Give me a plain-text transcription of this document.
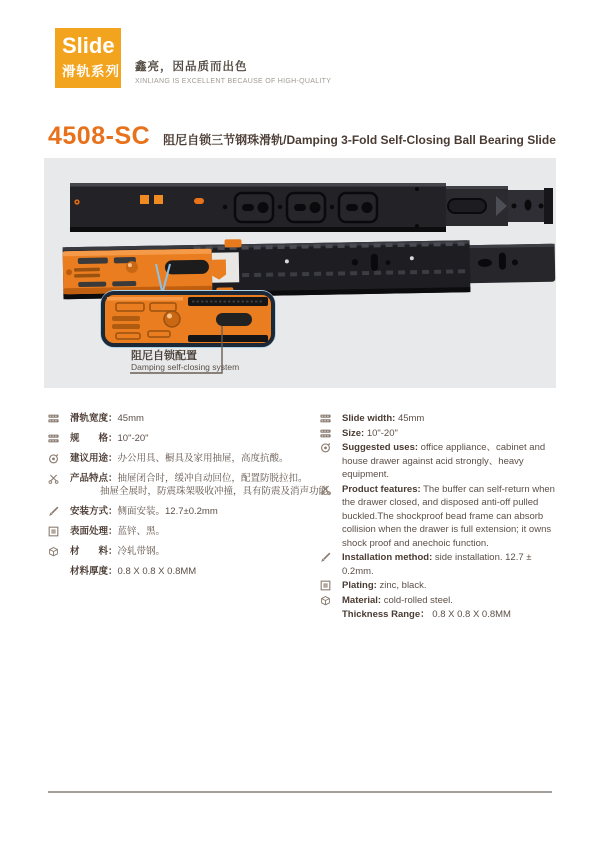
Slide
滑轨系列 鑫亮，因品质而出色
XINLIANG IS EXCELLENT BECAUSE OF HIGH-QUALITY
4508-SC 阻尼自锁三节钢珠滑轨/Damping 3-Fold Self-Closing Ball Bearing Slide
阻尼自锁配置
Damping self-closing system
滑轨宽度：45mm
规　　格：10"-20"
建议用途：办公用具、橱具及家用抽屉，高度抗酸。
产品特点：抽屉闭合时，缓冲自动回位，配置防脱拉扣。
抽屉全展时，防震珠架吸收冲撞，具有防震及消声功能。
安装方式：侧面安装。12.7±0.2mm
表面处理：蓝锌、黑。
材　　料：冷轧带钢。
材料厚度：0.8 X 0.8 X 0.8MM
Slide width: 45mm
Size: 10"-20"
Suggested uses: office appliance、cabinet and house drawer against acid strongly、heavy equipment.
Product features: The buffer can self-return when the drawer closed, and disposed anti-off pulled buckled.The shockproof bead frame can absorb collision when the drawer is full extension; it owns shock proof and anechoic function.
Installation method: side installation. 12.7 ± 0.2mm.
Plating: zinc, black.
Material: cold-rolled steel.
Thickness Range： 0.8 X 0.8 X 0.8MM
